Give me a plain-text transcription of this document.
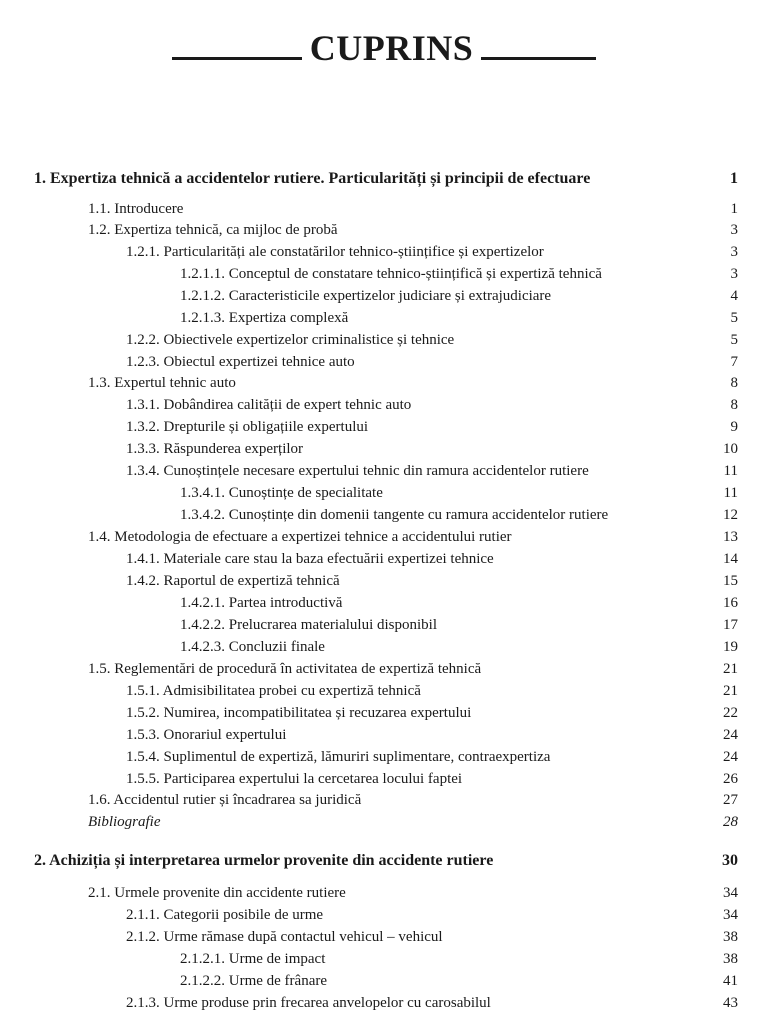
CUPRINS
1. Expertiza tehnică a accidentelor rutiere. Particularități și principii de efectuare	1
1.1. Introducere	1
1.2. Expertiza tehnică, ca mijloc de probă	3
1.2.1. Particularități ale constatărilor tehnico-științifice și expertizelor	3
1.2.1.1. Conceptul de constatare tehnico-științifică și expertiză tehnică	3
1.2.1.2. Caracteristicile expertizelor judiciare și extrajudiciare	4
1.2.1.3. Expertiza complexă	5
1.2.2. Obiectivele expertizelor criminalistice și tehnice	5
1.2.3. Obiectul expertizei tehnice auto	7
1.3. Expertul tehnic auto	8
1.3.1. Dobândirea calității de expert tehnic auto	8
1.3.2. Drepturile și obligațiile expertului	9
1.3.3. Răspunderea experților	10
1.3.4. Cunoștințele necesare expertului tehnic din ramura accidentelor rutiere	11
1.3.4.1. Cunoștințe de specialitate	11
1.3.4.2. Cunoștințe din domenii tangente cu ramura accidentelor rutiere	12
1.4. Metodologia de efectuare a expertizei tehnice a accidentului rutier	13
1.4.1. Materiale care stau la baza efectuării expertizei tehnice	14
1.4.2. Raportul de expertiză tehnică	15
1.4.2.1. Partea introductivă	16
1.4.2.2. Prelucrarea materialului disponibil	17
1.4.2.3. Concluzii finale	19
1.5. Reglementări de procedură în activitatea de expertiză tehnică	21
1.5.1. Admisibilitatea probei cu expertiză tehnică	21
1.5.2. Numirea, incompatibilitatea și recuzarea expertului	22
1.5.3. Onorariul expertului	24
1.5.4. Suplimentul de expertiză, lămuriri suplimentare, contraexpertiza	24
1.5.5. Participarea expertului la cercetarea locului faptei	26
1.6. Accidentul rutier și încadrarea sa juridică	27
Bibliografie	28
2. Achiziția și interpretarea urmelor provenite din accidente rutiere	30
2.1. Urmele provenite din accidente rutiere	34
2.1.1. Categorii posibile de urme	34
2.1.2. Urme rămase după contactul vehicul – vehicul	38
2.1.2.1. Urme de impact	38
2.1.2.2. Urme de frânare	41
2.1.3. Urme produse prin frecarea anvelopelor cu carosabilul	43
